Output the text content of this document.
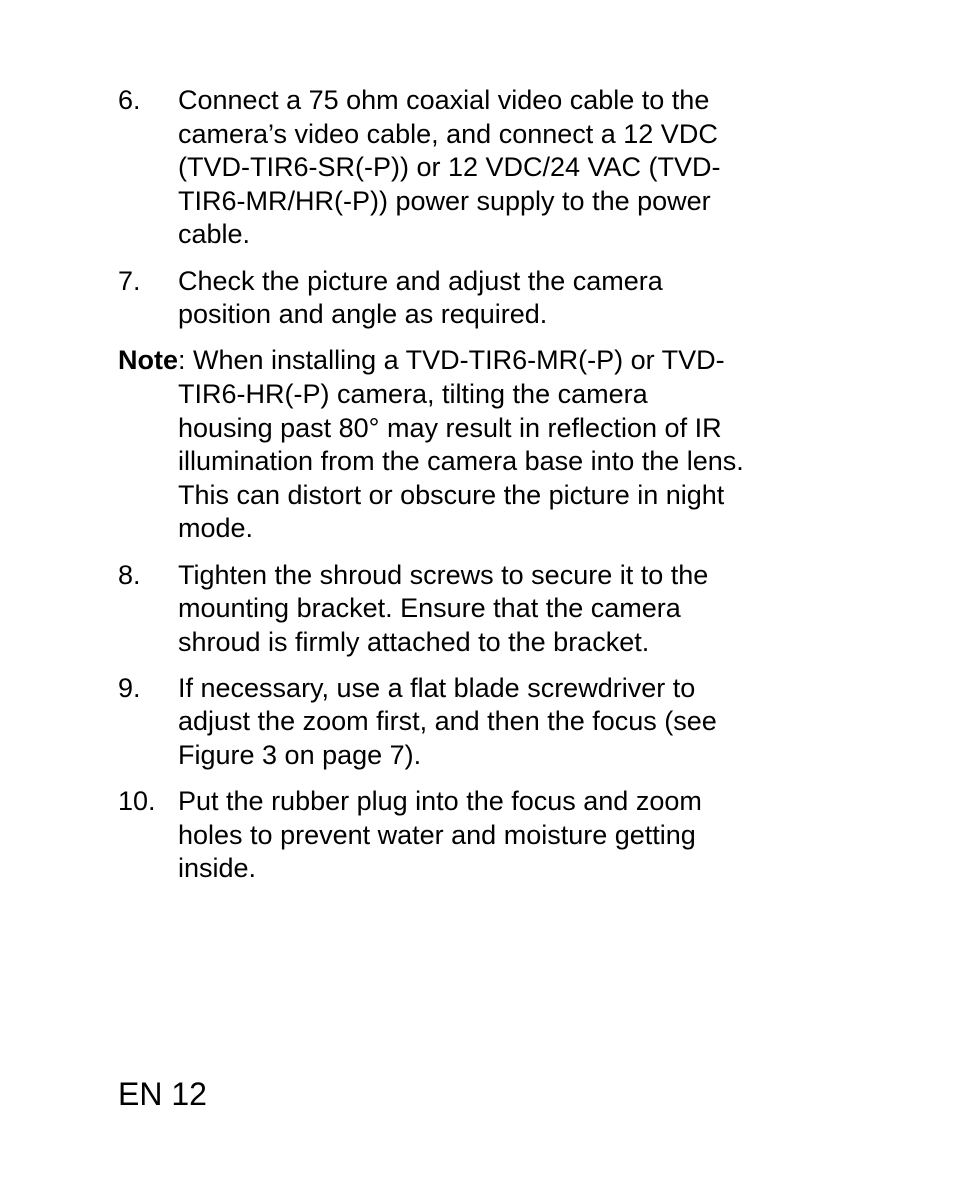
6.	Connect a 75 ohm coaxial video cable to the
camera’s video cable, and connect a 12 VDC
(TVD-TIR6-SR(-P)) or 12 VDC/24 VAC (TVD-
TIR6-MR/HR(-P)) power supply to the power
cable.
7.	Check the picture and adjust the camera
position and angle as required.
Note: When installing a TVD-TIR6-MR(-P) or TVD-
TIR6-HR(-P) camera, tilting the camera
housing past 80° may result in reflection of IR
illumination from the camera base into the lens.
This can distort or obscure the picture in night
mode.
8.	Tighten the shroud screws to secure it to the
mounting bracket. Ensure that the camera
shroud is firmly attached to the bracket.
9.	If necessary, use a flat blade screwdriver to
adjust the zoom first, and then the focus (see
Figure 3 on page 7).
10. Put the rubber plug into the focus and zoom
holes to prevent water and moisture getting
inside.
EN 12
